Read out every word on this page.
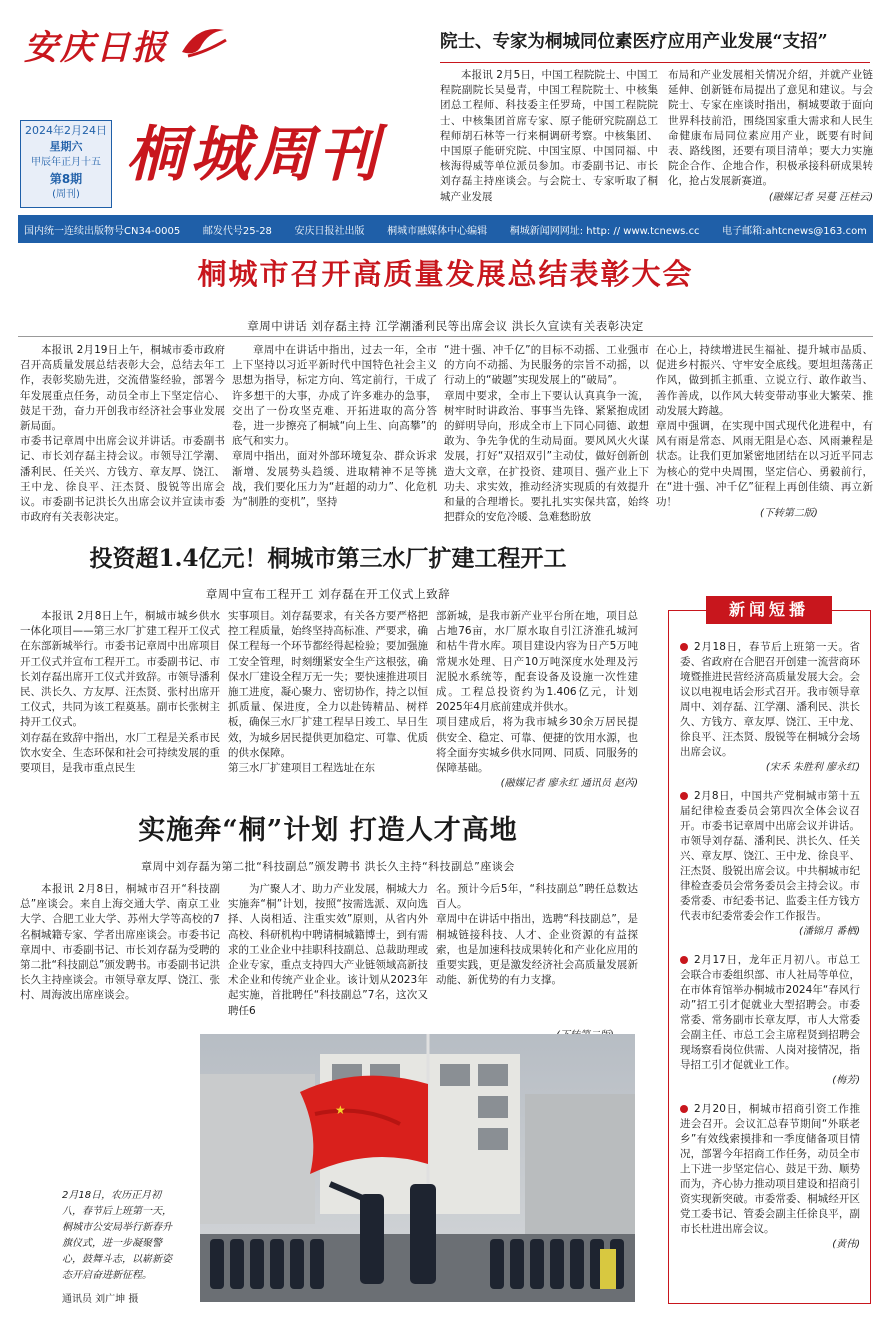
安庆日报
2024年2月24日
星期六
甲辰年正月十五
第8期
(周刊)
桐城周刊
院士、专家为桐城同位素医疗应用产业发展“支招”

本报讯 2月5日，中国工程院院士、中国工程院副院长吴曼青，中国工程院院士、中核集团总工程师、科技委主任罗琦，中国工程院院士、中核集团首席专家、原子能研究院副总工程师胡石林等一行来桐调研考察。中核集团、中国原子能研究院、中国宝原、中国同福、中核海得威等单位派员参加。市委副书记、市长刘存磊主持座谈会。与会院士、专家听取了桐城产业发展

布局和产业发展相关情况介绍，并就产业链延伸、创新链布局提出了意见和建议。与会院士、专家在座谈时指出，桐城要敢于面向世界科技前沿，围绕国家重大需求和人民生命健康布局同位素应用产业，既要有时间表、路线图，还要有项目清单；要大力实施院企合作、企地合作，积极承接科研成果转化，抢占发展新赛道。

(融媒记者 吴蔓 汪桂云)

国内统一连续出版物号CN34-0005 邮发代号25-28 安庆日报社出版 桐城市融媒体中心编辑 桐城新闻网网址: http: // www.tcnews.cc 电子邮箱:ahtcnews@163.com
桐城市召开高质量发展总结表彰大会
章周中讲话 刘存磊主持 江学潮潘利民等出席会议 洪长久宣读有关表彰决定

本报讯 2月19日上午，桐城市委市政府召开高质量发展总结表彰大会，总结去年工作，表彰奖励先进，交流借鉴经验，部署今年发展重点任务，动员全市上下坚定信心、鼓足干劲，奋力开创我市经济社会事业发展新局面。
市委书记章周中出席会议并讲话。市委副书记、市长刘存磊主持会议。市领导江学潮、潘利民、任关兴、方钱方、章友厚、饶江、王中龙、徐良平、汪杰贤、殷锐等出席会议。市委副书记洪长久出席会议并宣读市委市政府有关表彰决定。

章周中在讲话中指出，过去一年，全市上下坚持以习近平新时代中国特色社会主义思想为指导，标定方向、笃定前行，干成了许多想干的大事，办成了许多难办的急事，交出了一份攻坚克难、开拓进取的高分答卷，进一步擦亮了桐城“向上生、向高攀”的底气和实力。
章周中指出，面对外部环境复杂、群众诉求渐增、发展势头趋缓、进取精神不足等挑战，我们要化压力为“赶超的动力”、化危机为“制胜的变机”，坚持

“进十强、冲千亿”的目标不动摇、工业强市的方向不动摇、为民服务的宗旨不动摇，以行动上的“破题”实现发展上的“破局”。
章周中要求，全市上下要认认真真争一流，树牢时时讲政治、事事当先锋、紧紧抱成团的鲜明导向，形成全市上下同心同德、敢想敢为、争先争优的生动局面。要风风火火谋发展，打好“双招双引”主动仗，做好创新创造大文章，在扩投资、建项目、强产业上下功夫、求实效，推动经济实现质的有效提升和量的合理增长。要扎扎实实保共富，始终把群众的安危冷暖、急难愁盼放

在心上，持续增进民生福祉、提升城市品质、促进乡村振兴、守牢安全底线。要坦坦荡荡正作风，做到抓主抓重、立说立行、敢作敢当、善作善成，以作风大转变带动事业大繁荣、推动发展大跨越。
章周中强调，在实现中国式现代化进程中，有风有雨是常态、风雨无阻是心态、风雨兼程是状态。让我们更加紧密地团结在以习近平同志为核心的党中央周围，坚定信心、勇毅前行，在“进十强、冲千亿”征程上再创佳绩、再立新功！

(下转第二版)
投资超1.4亿元！桐城市第三水厂扩建工程开工
章周中宣布工程开工 刘存磊在开工仪式上致辞

本报讯 2月8日上午，桐城市城乡供水一体化项目——第三水厂扩建工程开工仪式在东部新城举行。市委书记章周中出席项目开工仪式并宣布工程开工。市委副书记、市长刘存磊出席开工仪式并致辞。市领导潘利民、洪长久、方友厚、汪杰贤、张村出席开工仪式，共同为该工程奠基。副市长张树主持开工仪式。
刘存磊在致辞中指出，水厂工程是关系市民饮水安全、生态环保和社会可持续发展的重要项目，是我市重点民生

实事项目。刘存磊要求，有关各方要严格把控工程质量，始终坚持高标准、严要求，确保工程每一个环节都经得起检验；要加强施工安全管理，时刻绷紧安全生产这根弦，确保水厂建设全程万无一失；要快速推进项目施工进度，凝心聚力、密切协作，持之以恒抓质量、保进度，全力以赴铸精品、树样板，确保三水厂扩建工程早日竣工、早日生效，为城乡居民提供更加稳定、可靠、优质的供水保障。
第三水厂扩建项目工程选址在东

部新城，是我市新产业平台所在地，项目总占地76亩，水厂原水取自引江济淮孔城河和枯牛背水库。项目建设内容为日产5万吨常规水处理、日产10万吨深度水处理及污泥脱水系统等，配套设备及设施一次性建成。工程总投资约为1.406亿元，计划2025年4月底前建成并供水。
项目建成后，将为我市城乡30余万居民提供安全、稳定、可靠、便捷的饮用水源，也将全面夯实城乡供水同网、同质、同服务的保障基础。

(融媒记者 廖永红 通讯员 赵芮)

实施奔“桐”计划 打造人才高地
章周中刘存磊为第二批“科技副总”颁发聘书 洪长久主持“科技副总”座谈会

本报讯 2月8日，桐城市召开“科技副总”座谈会。来自上海交通大学、南京工业大学、合肥工业大学、苏州大学等高校的7名桐城籍专家、学者出席座谈会。市委书记章周中、市委副书记、市长刘存磊为受聘的第二批“科技副总”颁发聘书。市委副书记洪长久主持座谈会。市领导章友厚、饶江、张村、周海波出席座谈会。

为广聚人才、助力产业发展，桐城大力实施奔“桐”计划，按照“按需选派、双向选择、人岗相适、注重实效”原则，从省内外高校、科研机构中聘请桐城籍博士，到有需求的工业企业中挂职科技副总、总裁助理或企业专家，重点支持四大产业链领域高新技术企业和传统产业企业。该计划从2023年起实施，首批聘任“科技副总”7名，这次又聘任6

名。预计今后5年，“科技副总”聘任总数达百人。
章周中在讲话中指出，选聘“科技副总”，是桐城链接科技、人才、企业资源的有益探索，也是加速科技成果转化和产业化应用的重要实践，更是激发经济社会高质量发展新动能、新优势的有力支撑。

2月18日，农历正月初八，春节后上班第一天，桐城市公安局举行新春升旗仪式，进一步凝聚警心，鼓舞斗志，以崭新姿态开启奋进新征程。
通讯员 刘广坤 摄
★
新闻短播
2月18日，春节后上班第一天。省委、省政府在合肥召开创建一流营商环境暨推进民营经济高质量发展大会。会议以电视电话会形式召开。我市领导章周中、刘存磊、江学潮、潘利民、洪长久、方钱方、章友厚、饶江、王中龙、徐良平、汪杰贤、殷锐等在桐城分会场出席会议。
(宋禾 朱胜利 廖永红)
2月8日，中国共产党桐城市第十五届纪律检查委员会第四次全体会议召开。市委书记章周中出席会议并讲话。市领导刘存磊、潘利民、洪长久、任关兴、章友厚、饶江、王中龙、徐良平、汪杰贤、殷锐出席会议。中共桐城市纪律检查委员会常务委员会主持会议。市委常委、市纪委书记、监委主任方钱方代表市纪委常委会作工作报告。
(潘锦月 番栖)
2月17日，龙年正月初八。市总工会联合市委组织部、市人社局等单位，在市体育馆举办桐城市2024年“春风行动”招工引才促就业大型招聘会。市委常委、常务副市长章友厚，市人大常委会副主任、市总工会主席程贤到招聘会现场察看岗位供需、人岗对接情况，指导招工引才促就业工作。
(梅芳)
2月20日，桐城市招商引资工作推进会召开。会议汇总春节期间“外联老乡”有效线索摸排和一季度储备项目情况，部署今年招商工作任务，动员全市上下进一步坚定信心、鼓足干劲、顺势而为，齐心协力推动项目建设和招商引资实现新突破。市委常委、桐城经开区党工委书记、管委会副主任徐良平，副市长杜进出席会议。
(黄伟)
